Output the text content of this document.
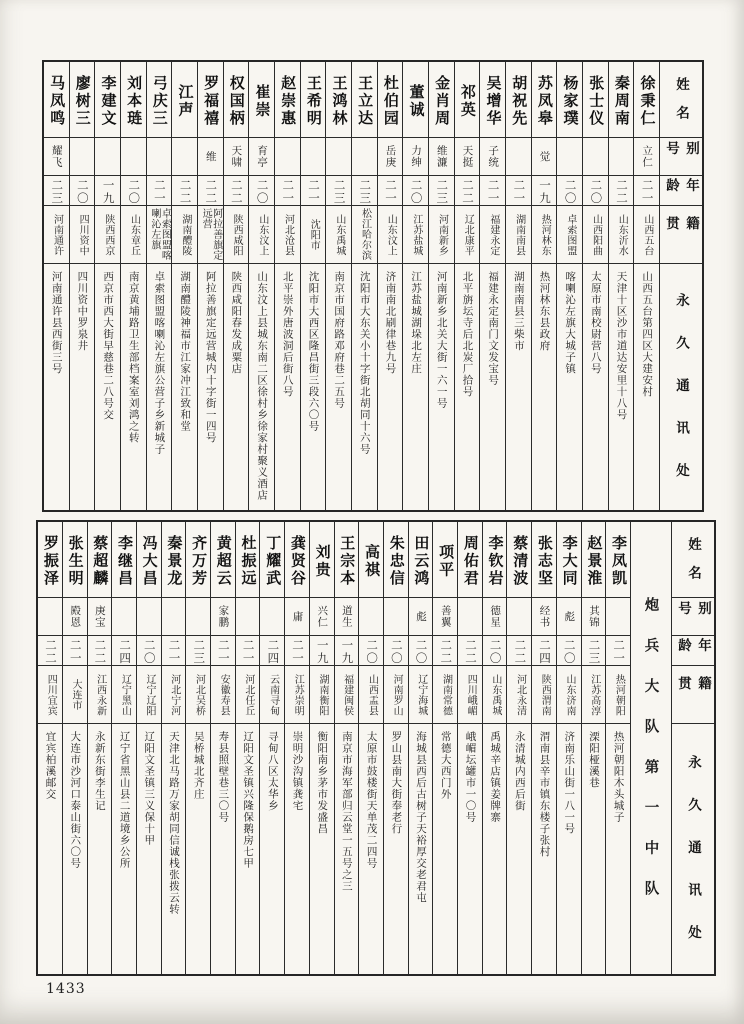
姓名
别号
年龄
籍贯
永久通讯处
徐秉仁
立仁
二一
山西五台
山西五台第四区大建安村
秦周南
二二
山东沂水
天津十区沙市道达安里十八号
张士仪
二〇
山西阳曲
太原市南校尉营八号
杨家璞
二〇
卓索图盟
喀喇沁左旗大城子镇
苏凤皋
觉
一九
热河林东
热河林东县政府
胡祝先
二一
湖南南县
湖南南县三柴市
吴增华
子统
二一
福建永定
福建永定南门文发宝号
祁英
天挺
二二
辽北康平
北平旃坛寺后北炭厂拾号
金肖周
维濂
二三
河南新乡
河南新乡北关大街一六一号
董诚
力绅
二〇
江苏盐城
江苏盐城湖垛北左庄
杜伯园
岳庚
二一
山东汶上
济南南北刷律巷九号
王立达
二三
松江哈尔滨
沈阳市大东关小十字街北胡同十六号
王鸿林
二三
山东禹城
南京市国府路邓府巷二五号
王希明
二一
沈阳市
沈阳市大西区隆昌街三段六〇号
赵崇惠
二一
河北沧县
北平崇外唐波洞后街八号
崔崇
育亭
二〇
山东汶上
山东汶上县城东南二区徐村乡徐家村聚义酒店
权国柄
天啸
二二
陕西咸阳
陕西咸阳春发成粟店
罗福禧
维
二二
阿拉善旗定远营
阿拉善旗定远营城内十字街一四号
江声
二二
湖南醴陵
湖南醴陵神福市江家冲江致和堂
弓庆三
二一
卓索图盟喀喇沁左旗
卓索图盟喀喇沁左旗公营子乡新城子
刘本琏
二〇
山东章丘
南京黄埔路卫生部档案室刘鸿之转
李建文
一九
陕西西京
西京市西大街早慈巷二八号交
廖树三
二〇
四川资中
四川资中罗泉井
马凤鸣
耀飞
二三
河南通许
河南通许县西街三号
姓名
别号
年龄
籍贯
永久通讯处
炮兵大队第一中队
李凤凯
二一
热河朝阳
热河朝阳木头城子
赵景淮
其锦
二三
江苏高淳
溧阳桠溪巷
李大同
彪
二〇
山东济南
济南乐山街一八一号
张志坚
经书
二四
陕西渭南
渭南县辛市镇东楼子张村
蔡清波
二二
河北永清
永清城内西后街
李钦岩
德星
二〇
山东禹城
禹城辛店镇姜牌寨
周佑君
二二
四川峨嵋
峨嵋坛罐市一〇号
项平
善翼
二二
湖南常德
常德大西门外
田云鸿
彪
二〇
辽宁海城
海城县西后古树子天裕厚交老君屯
朱忠信
二〇
河南罗山
罗山县南大街奉老行
高祺
二〇
山西盂县
太原市鼓楼街天单茂二四号
王宗本
道生
一九
福建闽侯
南京市海军部归云堂一五号之三
刘贵
兴仁
一九
湖南衡阳
衡阳南乡茅市发盛昌
龚贤谷
庸
二一
江苏崇明
崇明沙沟镇龚宅
丁耀武
二四
云南寻甸
寻甸八区太华乡
杜振远
二一
河北任丘
辽阳文圣镇兴隆保鹅房七甲
黄超云
家鹏
二一
安徽寿县
寿县照壁巷三〇号
齐万芳
二三
河北吴桥
吴桥城北齐庄
秦景龙
二一
河北宁河
天津北马路万家胡同信诚栈张拨云转
冯大昌
二〇
辽宁辽阳
辽阳文圣镇三义保十甲
李继昌
二四
辽宁黑山
辽宁省黑山县二道境乡公所
蔡超麟
庚宝
二二
江西永新
永新东街李生记
张生明
殿恩
二一
大连市
大连市沙河口泰山街六〇号
罗振泽
二二
四川宜宾
宜宾柏溪邮交
1433
